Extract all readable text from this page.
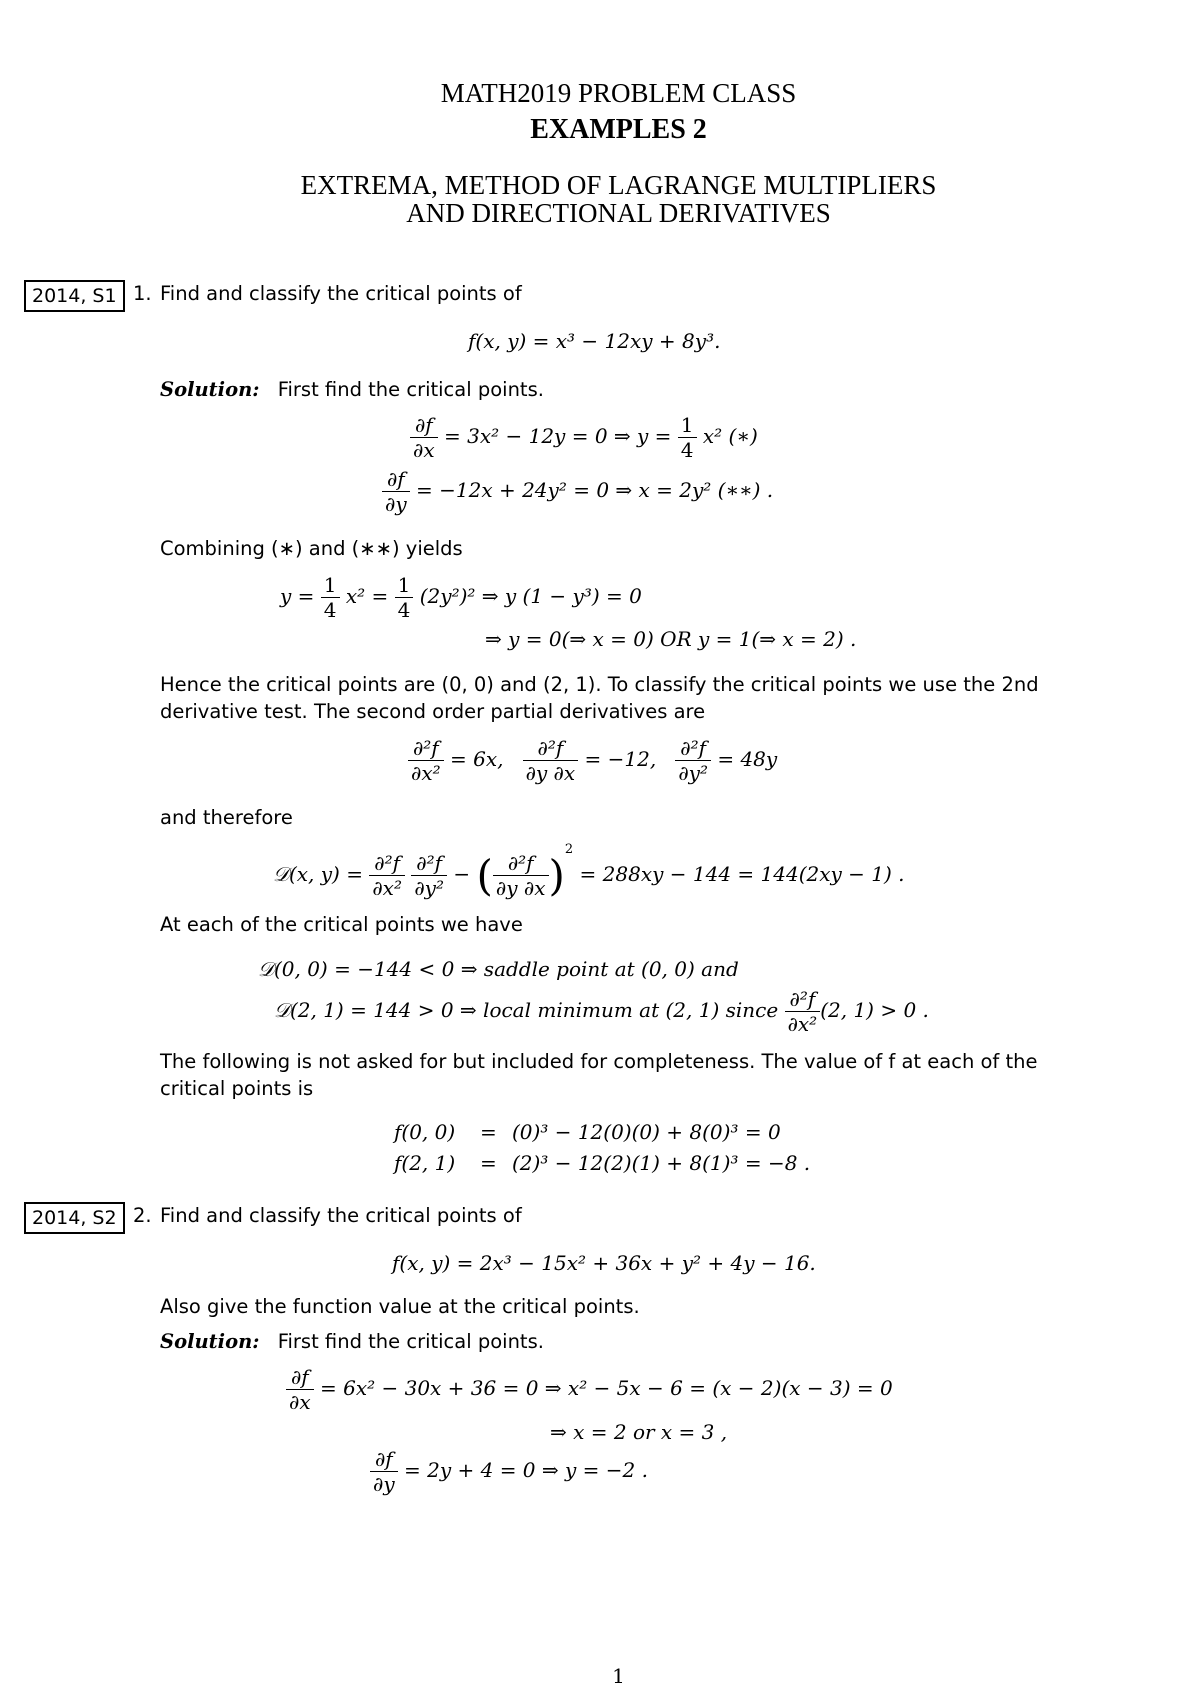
MATH2019 PROBLEM CLASS
EXAMPLES 2
EXTREMA, METHOD OF LAGRANGE MULTIPLIERS
AND DIRECTIONAL DERIVATIVES
2014, S1 1. Find and classify the critical points of
f(x, y) = x³ − 12xy + 8y³.
Solution: First find the critical points.
$\frac{\partial f}{\partial x} = 3x^2 - 12y = 0$ ⇒ $y = \frac{1}{4} x^2$ (∗)
$\frac{\partial f}{\partial y} = -12x + 24y^2 = 0$ ⇒ x = 2y² (∗∗) .
Combining (∗) and (∗∗) yields
$y = \frac{1}{4} x^2 = \frac{1}{4} (2y^2)^2$ ⇒ y (1 − y³) = 0
⇒ y = 0(⇒ x = 0) OR y = 1(⇒ x = 2) .
Hence the critical points are (0, 0) and (2, 1). To classify the critical points we use the 2nd
derivative test. The second order partial derivatives are
$\frac{\text{∂²f}}{\text{∂x²}} = 6x$, $\frac{\text{∂²f}}{\partial y \partial x} = -12$, $\frac{\text{∂²f}}{\text{∂y²}} = 48y$
and therefore
𝒟(x, $y) = \frac{\text{∂²f}}{\text{∂x²}}$
$\frac{\text{∂²f}}{\text{∂y²}}$ − ( $\frac{\text{∂²f}}{\partial y \partial x} )^2 = 288xy - 144 = 144(2xy - 1)$ .
At each of the critical points we have
𝒟(0, 0) = −144 < 0 ⇒ saddle point at (0, 0) and
𝒟(2, 1) = 144 > 0 ⇒ local minimum at (2, 1) since $\frac{\text{∂²f}}{\text{∂x²}} (2$, 1) > 0 .
The following is not asked for but included for completeness. The value of f at each of the
critical points is
f(0, 0) = (0)³ − 12(0)(0) + 8(0)³ = 0
f(2, 1) = (2)³ − 12(2)(1) + 8(1)³ = −8 .
2014, S2 2. Find and classify the critical points of
f(x, y) = 2x³ − 15x² + 36x + y² + 4y − 16.
Also give the function value at the critical points.
Solution: First find the critical points.
$\frac{\partial f}{\partial x} = 6x^2 - 30x + 36 = 0$ ⇒ x² − 5x − 6 = (x − 2)(x − 3) = 0
⇒ x = 2 or x = 3 ,
$\frac{\partial f}{\partial y} = 2y + 4 = 0$ ⇒ y = −2 .
1
